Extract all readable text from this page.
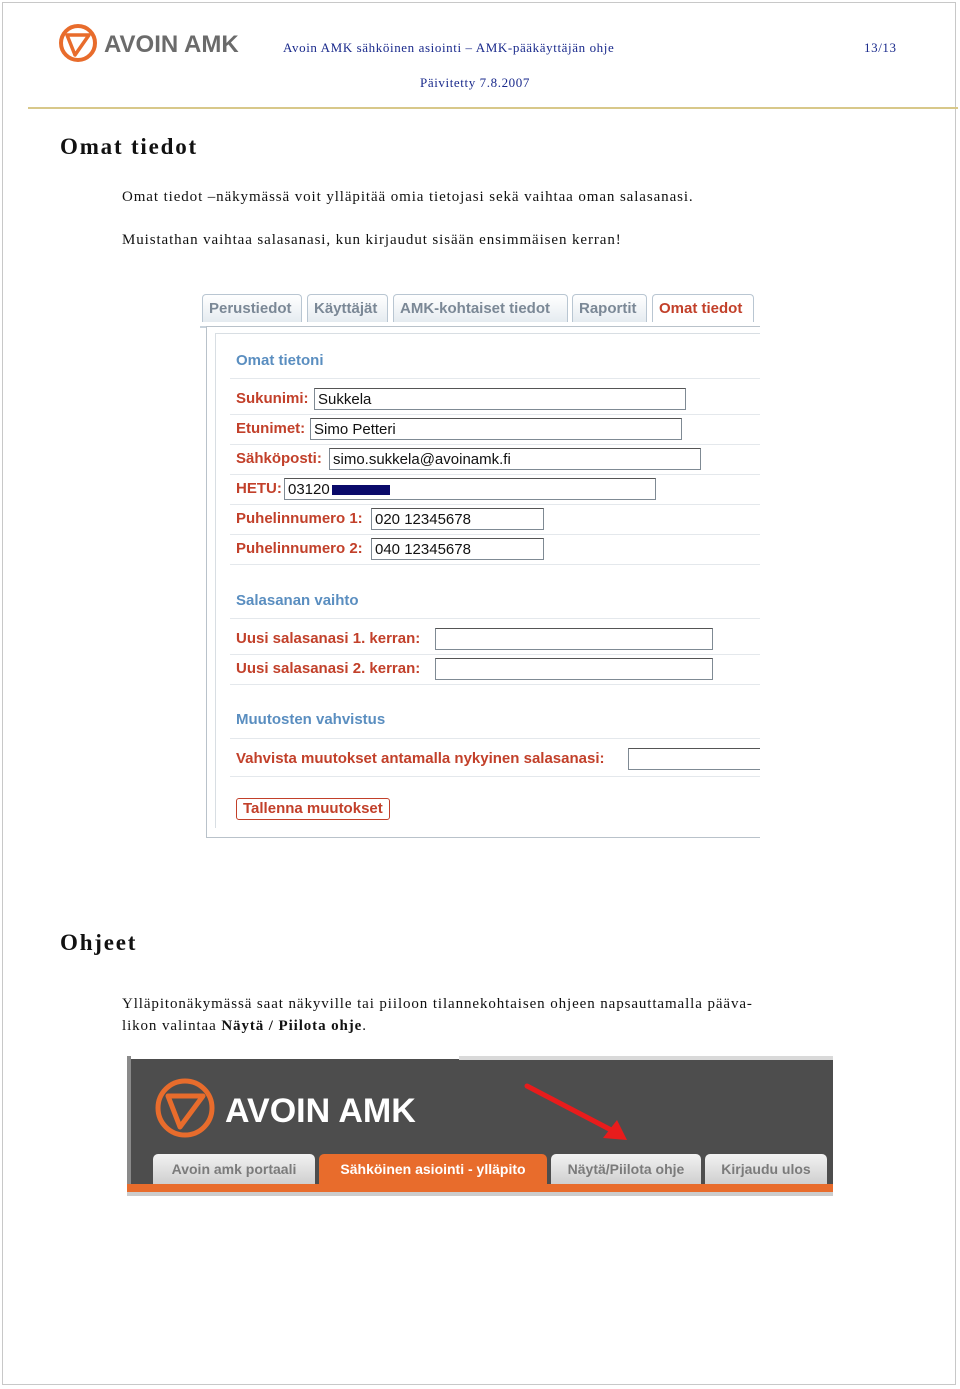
AVOIN AMK	Avoin AMK sähköinen asiointi – AMK-pääkäyttäjän ohje	13/13
Päivitetty 7.8.2007
Omat tiedot
Omat tiedot –näkymässä voit ylläpitää omia tietojasi sekä vaihtaa oman salasanasi.
Muistathan vaihtaa salasanasi, kun kirjaudut sisään ensimmäisen kerran!
Perustiedot	Käyttäjät	AMK-kohtaiset tiedot	Raportit	Omat tiedot
Omat tietoni
Sukunimi: Sukkela
Etunimet: Simo Petteri
Sähköposti: simo.sukkela@avoinamk.fi
HETU: 03120
Puhelinnumero 1: 020 12345678
Puhelinnumero 2: 040 12345678
Salasanan vaihto
Uusi salasanasi 1. kerran:
Uusi salasanasi 2. kerran:
Muutosten vahvistus
Vahvista muutokset antamalla nykyinen salasanasi:
Tallenna muutokset
Ohjeet
Ylläpitonäkymässä saat näkyville tai piiloon tilannekohtaisen ohjeen napsauttamalla päävа-
likon valintaa Näytä / Piilota ohje.
AVOIN AMK
Avoin amk portaali	Sähköinen asiointi - ylläpito	Näytä/Piilota ohje	Kirjaudu ulos
